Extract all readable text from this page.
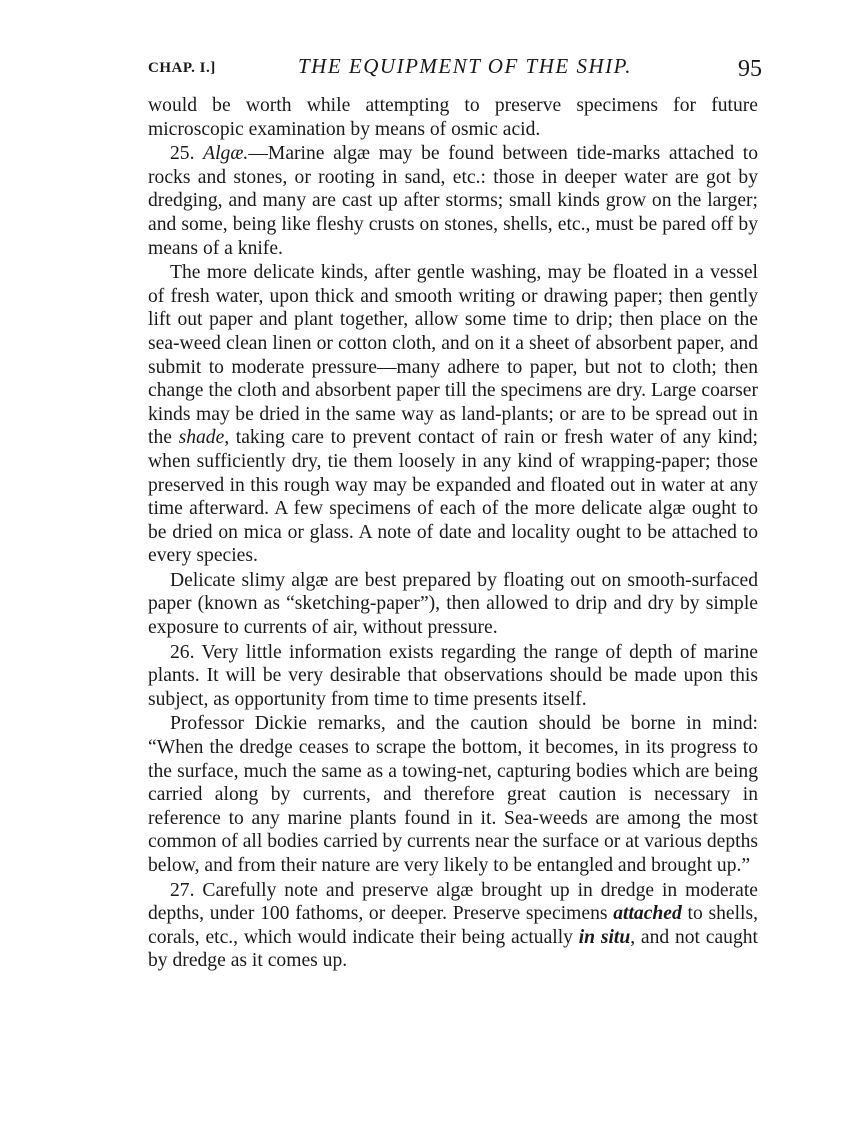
CHAP. I.]	THE EQUIPMENT OF THE SHIP.	95

would be worth while attempting to preserve specimens for future microscopic examination by means of osmic acid.

25. Algæ.—Marine algæ may be found between tide-marks attached to rocks and stones, or rooting in sand, etc.: those in deeper water are got by dredging, and many are cast up after storms; small kinds grow on the larger; and some, being like fleshy crusts on stones, shells, etc., must be pared off by means of a knife.

The more delicate kinds, after gentle washing, may be floated in a vessel of fresh water, upon thick and smooth writing or drawing paper; then gently lift out paper and plant together, allow some time to drip; then place on the sea-weed clean linen or cotton cloth, and on it a sheet of absorbent paper, and submit to moderate pressure—many adhere to paper, but not to cloth; then change the cloth and absorbent paper till the specimens are dry. Large coarser kinds may be dried in the same way as land-plants; or are to be spread out in the shade, taking care to prevent contact of rain or fresh water of any kind; when sufficiently dry, tie them loosely in any kind of wrapping-paper; those preserved in this rough way may be expanded and floated out in water at any time afterward. A few specimens of each of the more delicate algæ ought to be dried on mica or glass. A note of date and locality ought to be attached to every species.

Delicate slimy algæ are best prepared by floating out on smooth-surfaced paper (known as “sketching-paper”), then allowed to drip and dry by simple exposure to currents of air, without pressure.

26. Very little information exists regarding the range of depth of marine plants. It will be very desirable that observations should be made upon this subject, as opportunity from time to time presents itself.

Professor Dickie remarks, and the caution should be borne in mind: “When the dredge ceases to scrape the bottom, it becomes, in its progress to the surface, much the same as a towing-net, capturing bodies which are being carried along by currents, and therefore great caution is necessary in reference to any marine plants found in it. Sea-weeds are among the most common of all bodies carried by currents near the surface or at various depths below, and from their nature are very likely to be entangled and brought up.”

27. Carefully note and preserve algæ brought up in dredge in moderate depths, under 100 fathoms, or deeper. Preserve specimens attached to shells, corals, etc., which would indicate their being actually in situ, and not caught by dredge as it comes up.
